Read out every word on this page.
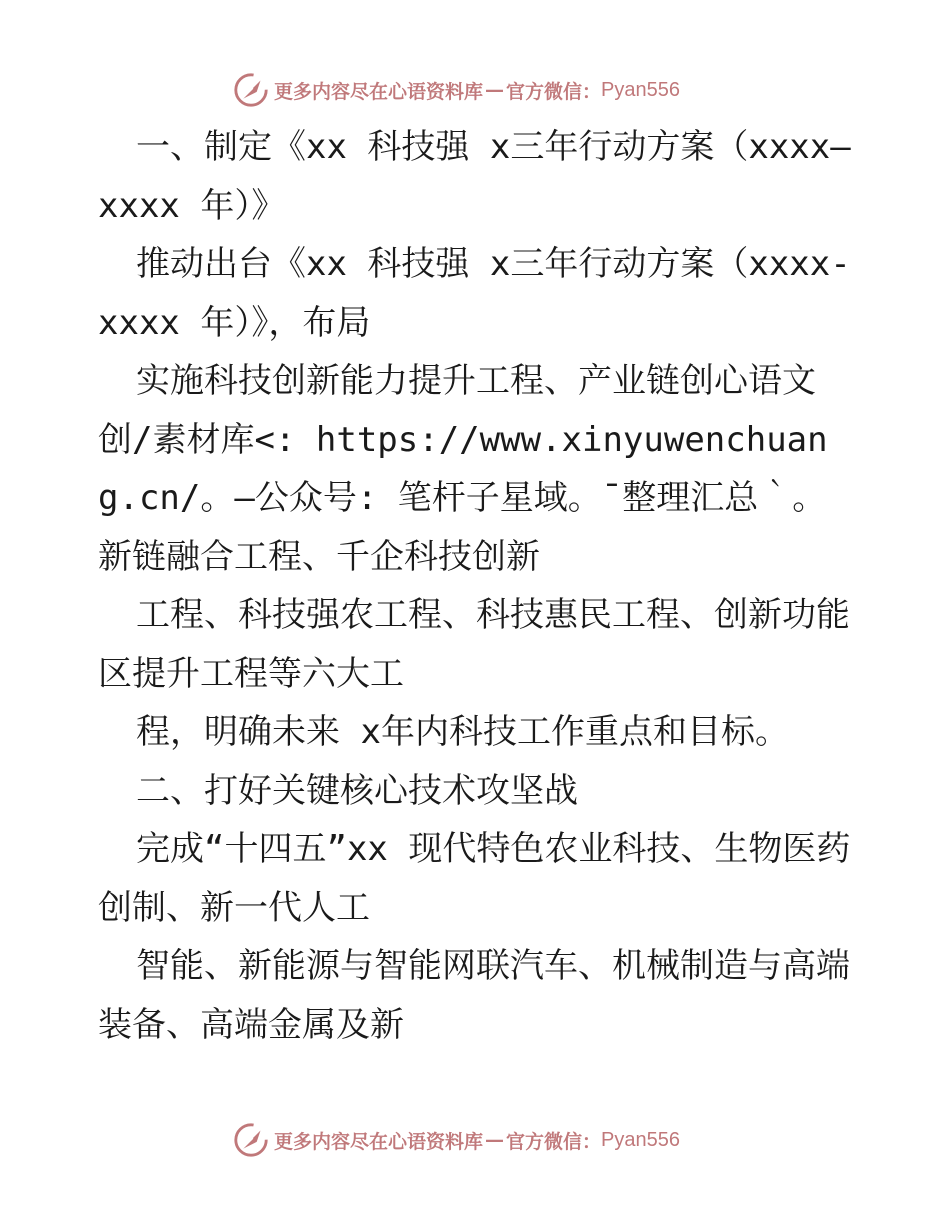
更多内容尽在心语资料库 — 官方微信： Pyan556

一、制定《xx 科技强 x三年行动方案（xxxx—xxxx 年）》

推动出台《xx 科技强 x三年行动方案（xxxx-xxxx 年）》，布局

实施科技创新能力提升工程、产业链创心语文创/素材库<: https://www.xinyuwenchuang.cn/。—公众号: 笔杆子星域。¯整理汇总｀。新链融合工程、千企科技创新

工程、科技强农工程、科技惠民工程、创新功能区提升工程等六大工

程，明确未来 x年内科技工作重点和目标。

二、打好关键核心技术攻坚战

完成“十四五”xx 现代特色农业科技、生物医药创制、新一代人工

智能、新能源与智能网联汽车、机械制造与高端装备、高端金属及新

更多内容尽在心语资料库 — 官方微信： Pyan556
